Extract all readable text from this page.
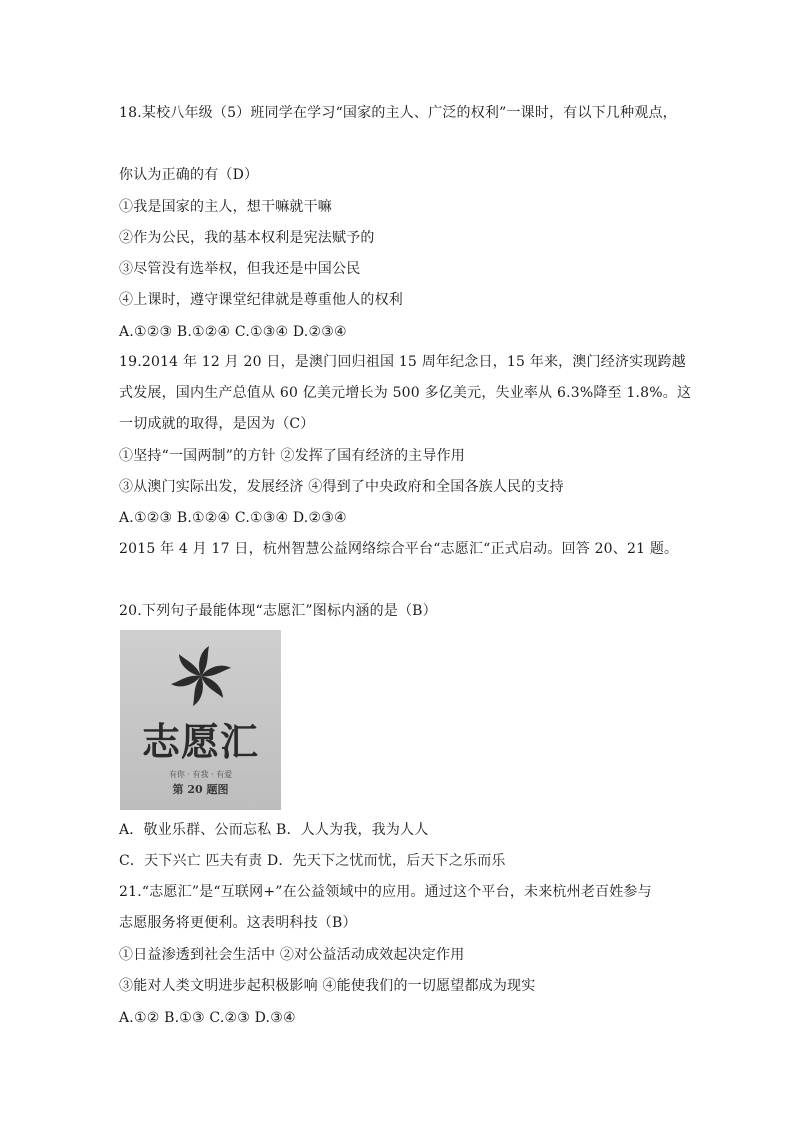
18.某校八年级（5）班同学在学习“国家的主人、广泛的权利”一课时，有以下几种观点，
你认为正确的有（D）
①我是国家的主人，想干嘛就干嘛
②作为公民，我的基本权利是宪法赋予的
③尽管没有选举权，但我还是中国公民
④上课时，遵守课堂纪律就是尊重他人的权利
A.①②③ B.①②④ C.①③④ D.②③④
19.2014 年 12 月 20 日，是澳门回归祖国 15 周年纪念日，15 年来，澳门经济实现跨越
式发展，国内生产总值从 60 亿美元增长为 500 多亿美元，失业率从 6.3%降至 1.8%。这
一切成就的取得，是因为（C）
①坚持“一国两制”的方针 ②发挥了国有经济的主导作用
③从澳门实际出发，发展经济 ④得到了中央政府和全国各族人民的支持
A.①②③ B.①②④ C.①③④ D.②③④
2015 年 4 月 17 日，杭州智慧公益网络综合平台“志愿汇“正式启动。回答 20、21 题。
20.下列句子最能体现“志愿汇”图标内涵的是（B）
志愿汇
有你 · 有我 · 有爱
第 20 题图
A．敬业乐群、公而忘私 B．人人为我，我为人人
C．天下兴亡 匹夫有责 D．先天下之忧而忧，后天下之乐而乐
21.“志愿汇”是“互联网+”在公益领域中的应用。通过这个平台，未来杭州老百姓参与
志愿服务将更便利。这表明科技（B）
①日益渗透到社会生活中 ②对公益活动成效起决定作用
③能对人类文明进步起积极影响 ④能使我们的一切愿望都成为现实
A.①② B.①③ C.②③ D.③④
